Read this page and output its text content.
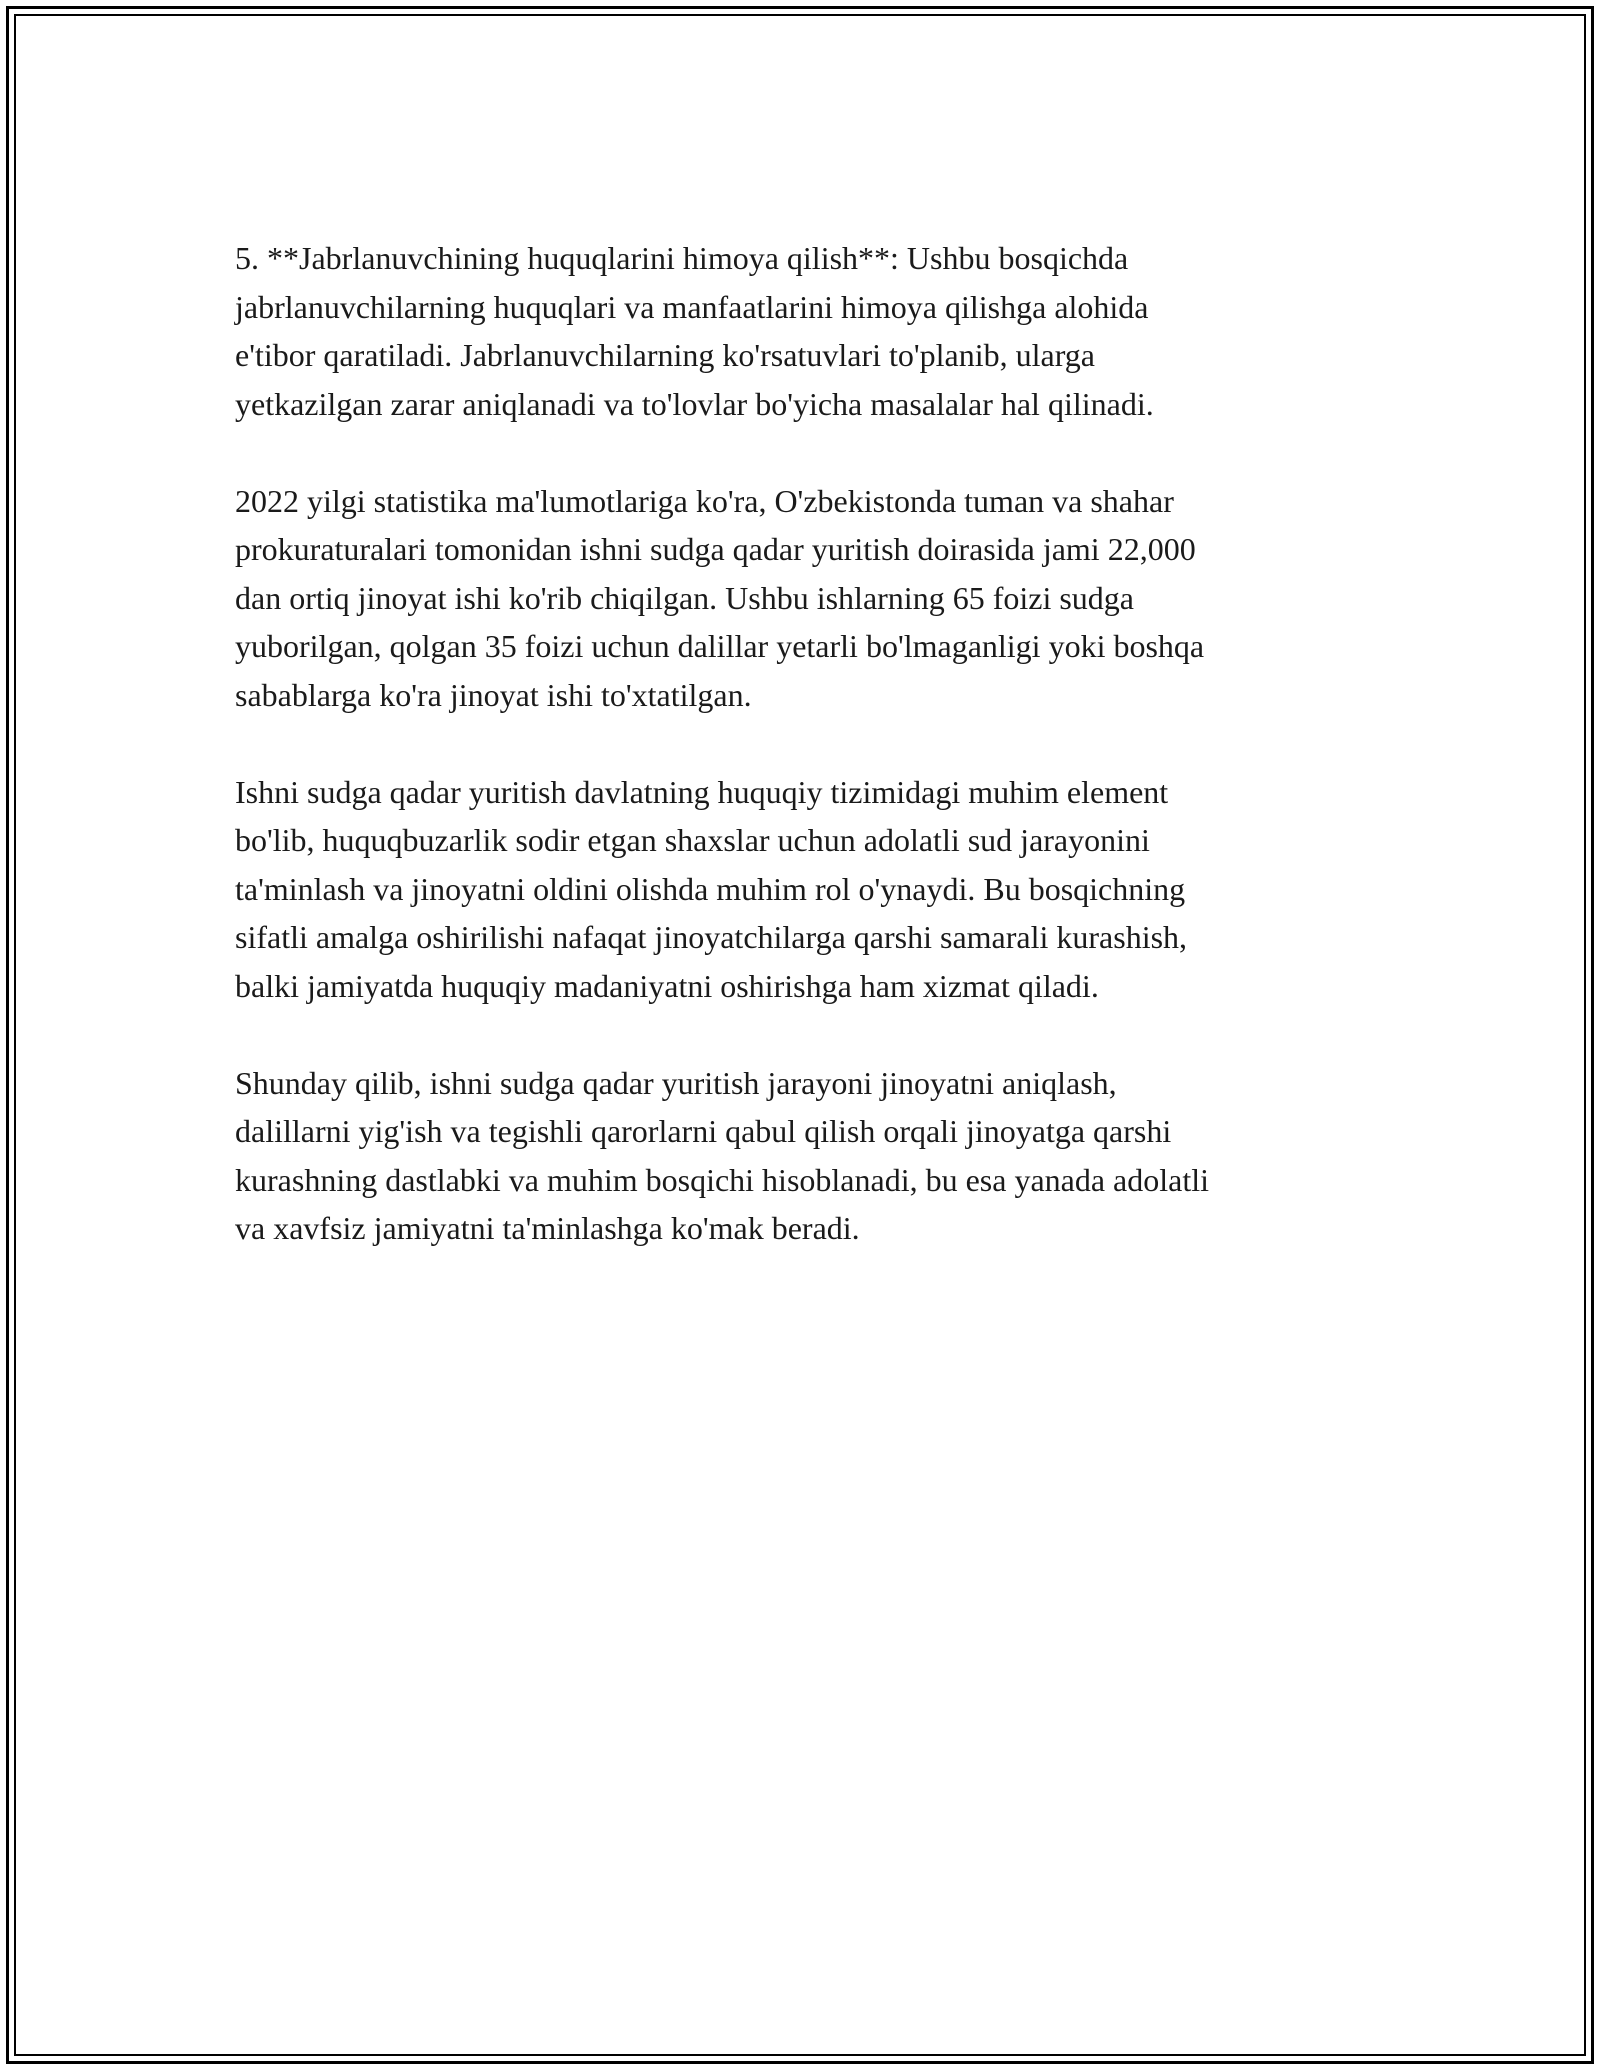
5. **Jabrlanuvchining huquqlarini himoya qilish**: Ushbu bosqichda
jabrlanuvchilarning huquqlari va manfaatlarini himoya qilishga alohida
e'tibor qaratiladi. Jabrlanuvchilarning ko'rsatuvlari to'planib, ularga
yetkazilgan zarar aniqlanadi va to'lovlar bo'yicha masalalar hal qilinadi.

2022 yilgi statistika ma'lumotlariga ko'ra, O'zbekistonda tuman va shahar
prokuraturalari tomonidan ishni sudga qadar yuritish doirasida jami 22,000
dan ortiq jinoyat ishi ko'rib chiqilgan. Ushbu ishlarning 65 foizi sudga
yuborilgan, qolgan 35 foizi uchun dalillar yetarli bo'lmaganligi yoki boshqa
sabablarga ko'ra jinoyat ishi to'xtatilgan.

Ishni sudga qadar yuritish davlatning huquqiy tizimidagi muhim element
bo'lib, huquqbuzarlik sodir etgan shaxslar uchun adolatli sud jarayonini
ta'minlash va jinoyatni oldini olishda muhim rol o'ynaydi. Bu bosqichning
sifatli amalga oshirilishi nafaqat jinoyatchilarga qarshi samarali kurashish,
balki jamiyatda huquqiy madaniyatni oshirishga ham xizmat qiladi.

Shunday qilib, ishni sudga qadar yuritish jarayoni jinoyatni aniqlash,
dalillarni yig'ish va tegishli qarorlarni qabul qilish orqali jinoyatga qarshi
kurashning dastlabki va muhim bosqichi hisoblanadi, bu esa yanada adolatli
va xavfsiz jamiyatni ta'minlashga ko'mak beradi.
